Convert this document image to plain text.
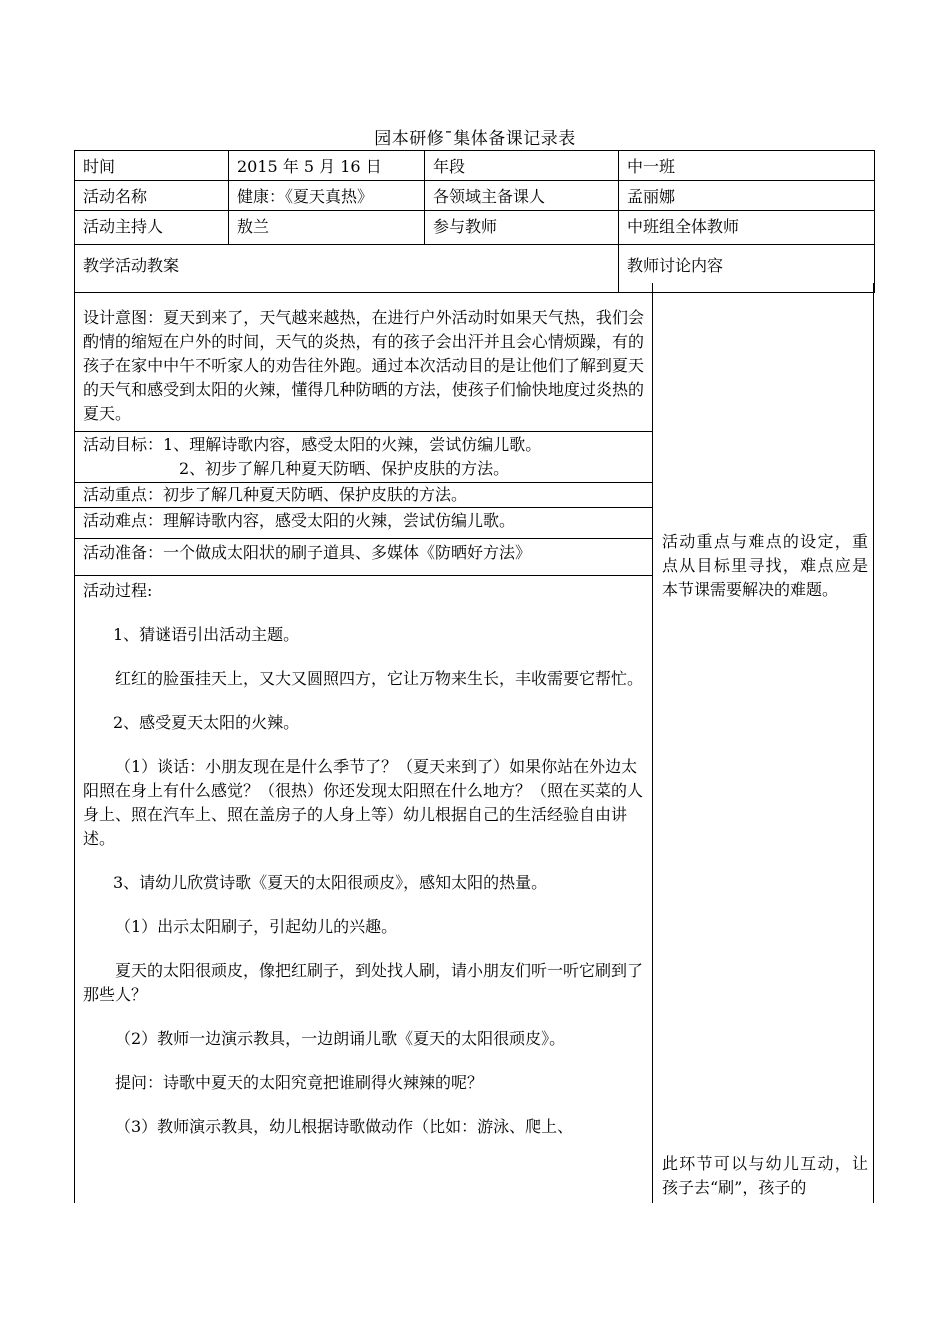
园本研修¯集体备课记录表
时间	2015 年 5 月 16 日	年段	中一班
活动名称	健康：《夏天真热》	各领域主备课人	孟丽娜
活动主持人	敖兰	参与教师	中班组全体教师
教学活动教案			教师讨论内容

设计意图：夏天到来了，天气越来越热，在进行户外活动时如果天气热，我们会酌情的缩短在户外的时间，天气的炎热，有的孩子会出汗并且会心情烦躁，有的孩子在家中中午不听家人的劝告往外跑。通过本次活动目的是让他们了解到夏天的天气和感受到太阳的火辣，懂得几种防晒的方法，使孩子们愉快地度过炎热的夏天。

活动目标：1、理解诗歌内容，感受太阳的火辣，尝试仿编儿歌。
2、初步了解几种夏天防晒、保护皮肤的方法。
活动重点：初步了解几种夏天防晒、保护皮肤的方法。
活动难点：理解诗歌内容，感受太阳的火辣，尝试仿编儿歌。
活动准备：一个做成太阳状的刷子道具、多媒体《防晒好方法》

活动过程:

1、猜谜语引出活动主题。

红红的脸蛋挂天上，又大又圆照四方，它让万物来生长，丰收需要它帮忙。

2、感受夏天太阳的火辣。

（1）谈话：小朋友现在是什么季节了？（夏天来到了）如果你站在外边太阳照在身上有什么感觉？（很热）你还发现太阳照在什么地方？（照在买菜的人身上、照在汽车上、照在盖房子的人身上等）幼儿根据自己的生活经验自由讲述。

3、请幼儿欣赏诗歌《夏天的太阳很顽皮》，感知太阳的热量。

（1）出示太阳刷子，引起幼儿的兴趣。

夏天的太阳很顽皮，像把红刷子，到处找人刷，请小朋友们听一听它刷到了那些人？

（2）教师一边演示教具，一边朗诵儿歌《夏天的太阳很顽皮》。

提问：诗歌中夏天的太阳究竟把谁刷得火辣辣的呢？

（3）教师演示教具，幼儿根据诗歌做动作（比如：游泳、爬上、

活动重点与难点的设定，重点从目标里寻找，难点应是本节课需要解决的难题。
此环节可以与幼儿互动，让孩子去“刷”，孩子的
